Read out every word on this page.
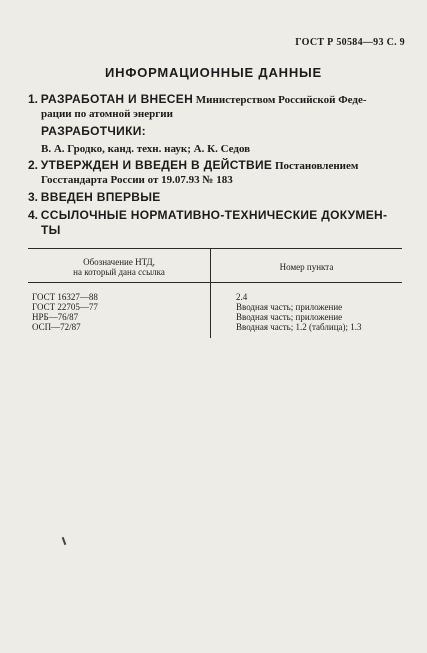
ГОСТ Р 50584—93 С. 9
ИНФОРМАЦИОННЫЕ ДАННЫЕ
1. РАЗРАБОТАН И ВНЕСЕН Министерством Российской Феде-
рации по атомной энергии
РАЗРАБОТЧИКИ:
В. А. Гродко, канд. техн. наук; А. К. Седов
2. УТВЕРЖДЕН И ВВЕДЕН В ДЕЙСТВИЕ Постановлением
Госстандарта России от 19.07.93 № 183
3. ВВЕДЕН ВПЕРВЫЕ
4. ССЫЛОЧНЫЕ НОРМАТИВНО-ТЕХНИЧЕСКИЕ ДОКУМЕН-
ТЫ
Обозначение НТД,
на который дана ссылка	Номер пункта
ГОСТ 16327—88	2.4
ГОСТ 22705—77	Вводная часть; приложение
НРБ—76/87	Вводная часть; приложение
ОСП—72/87	Вводная часть; 1.2 (таблица); 1.3
